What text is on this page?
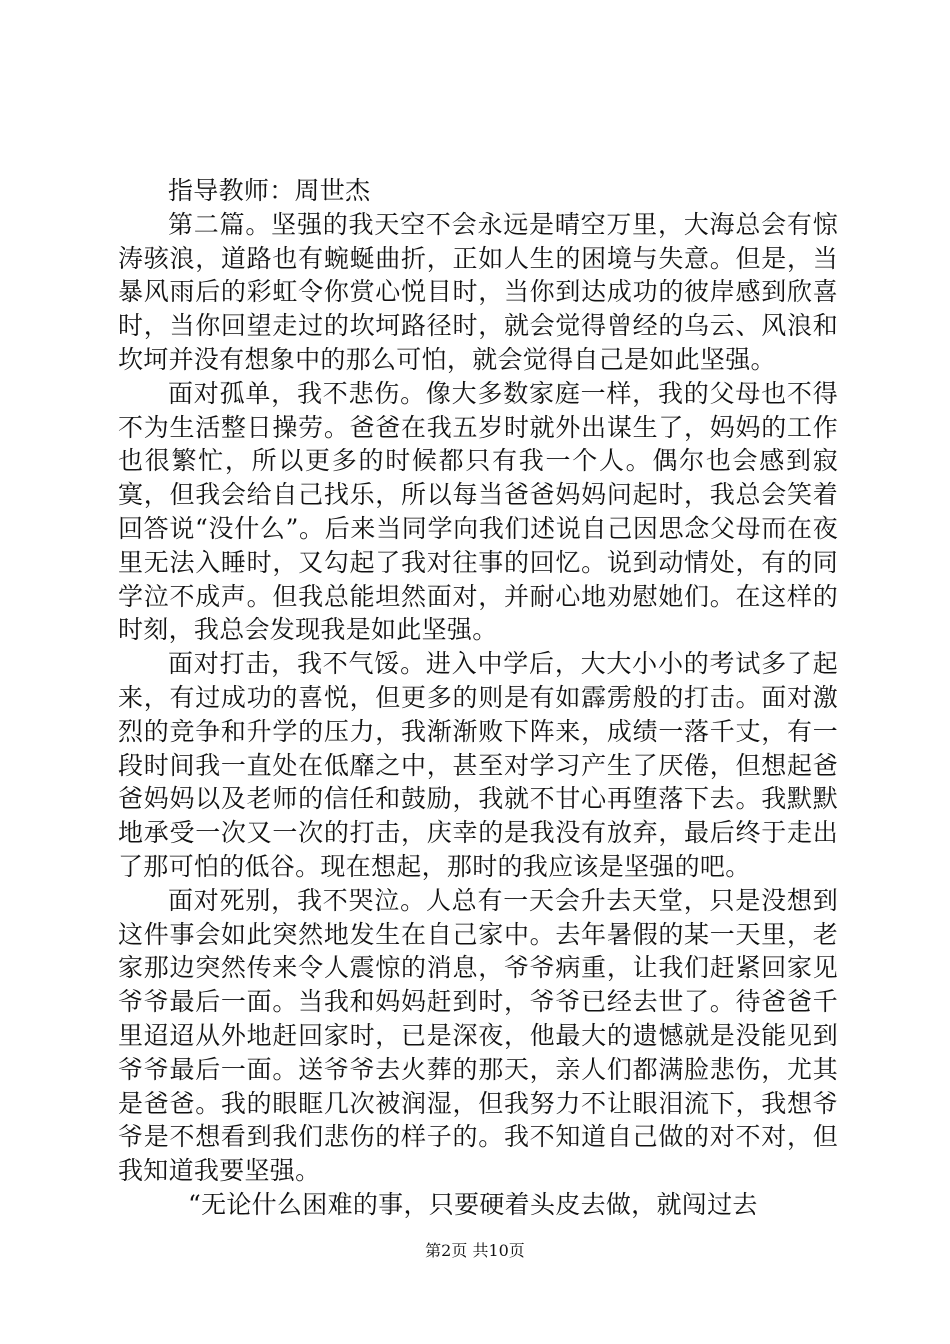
指导教师：周世杰

第二篇。坚强的我天空不会永远是晴空万里，大海总会有惊涛骇浪，道路也有蜿蜒曲折，正如人生的困境与失意。但是，当暴风雨后的彩虹令你赏心悦目时，当你到达成功的彼岸感到欣喜时，当你回望走过的坎坷路径时，就会觉得曾经的乌云、风浪和坎坷并没有想象中的那么可怕，就会觉得自己是如此坚强。

面对孤单，我不悲伤。像大多数家庭一样，我的父母也不得不为生活整日操劳。爸爸在我五岁时就外出谋生了，妈妈的工作也很繁忙，所以更多的时候都只有我一个人。偶尔也会感到寂寞，但我会给自己找乐，所以每当爸爸妈妈问起时，我总会笑着回答说“没什么”。后来当同学向我们述说自己因思念父母而在夜里无法入睡时，又勾起了我对往事的回忆。说到动情处，有的同学泣不成声。但我总能坦然面对，并耐心地劝慰她们。在这样的时刻，我总会发现我是如此坚强。

面对打击，我不气馁。进入中学后，大大小小的考试多了起来，有过成功的喜悦，但更多的则是有如霹雳般的打击。面对激烈的竞争和升学的压力，我渐渐败下阵来，成绩一落千丈，有一段时间我一直处在低靡之中，甚至对学习产生了厌倦，但想起爸爸妈妈以及老师的信任和鼓励，我就不甘心再堕落下去。我默默地承受一次又一次的打击，庆幸的是我没有放弃，最后终于走出了那可怕的低谷。现在想起，那时的我应该是坚强的吧。

面对死别，我不哭泣。人总有一天会升去天堂，只是没想到这件事会如此突然地发生在自己家中。去年暑假的某一天里，老家那边突然传来令人震惊的消息，爷爷病重，让我们赶紧回家见爷爷最后一面。当我和妈妈赶到时，爷爷已经去世了。待爸爸千里迢迢从外地赶回家时，已是深夜，他最大的遗憾就是没能见到爷爷最后一面。送爷爷去火葬的那天，亲人们都满脸悲伤，尤其是爸爸。我的眼眶几次被润湿，但我努力不让眼泪流下，我想爷爷是不想看到我们悲伤的样子的。我不知道自己做的对不对，但我知道我要坚强。

“无论什么困难的事，只要硬着头皮去做，就闯过去

第2页 共10页
